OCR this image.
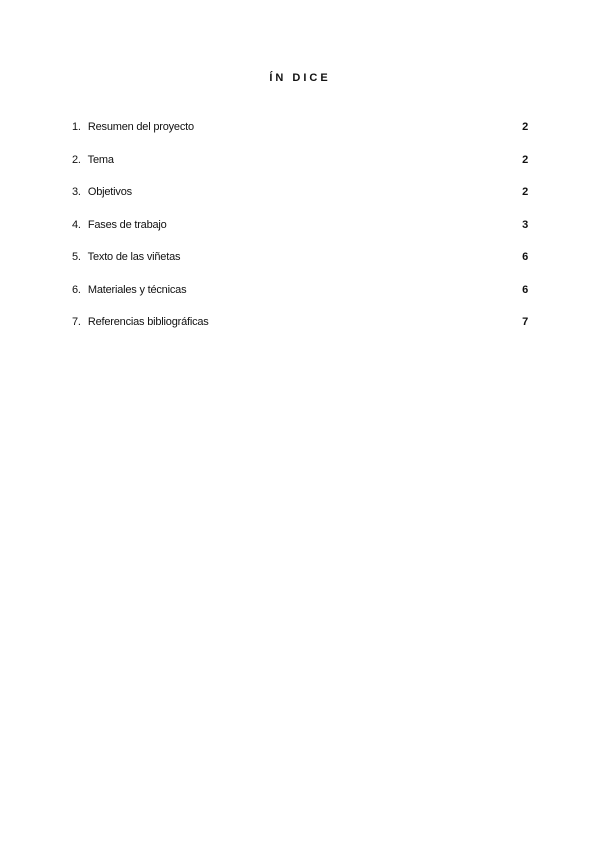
ÍN DICE
1. Resumen del proyecto	2
2. Tema	2
3. Objetivos	2
4. Fases de trabajo	3
5. Texto de las viñetas	6
6. Materiales y técnicas	6
7. Referencias bibliográficas	7
